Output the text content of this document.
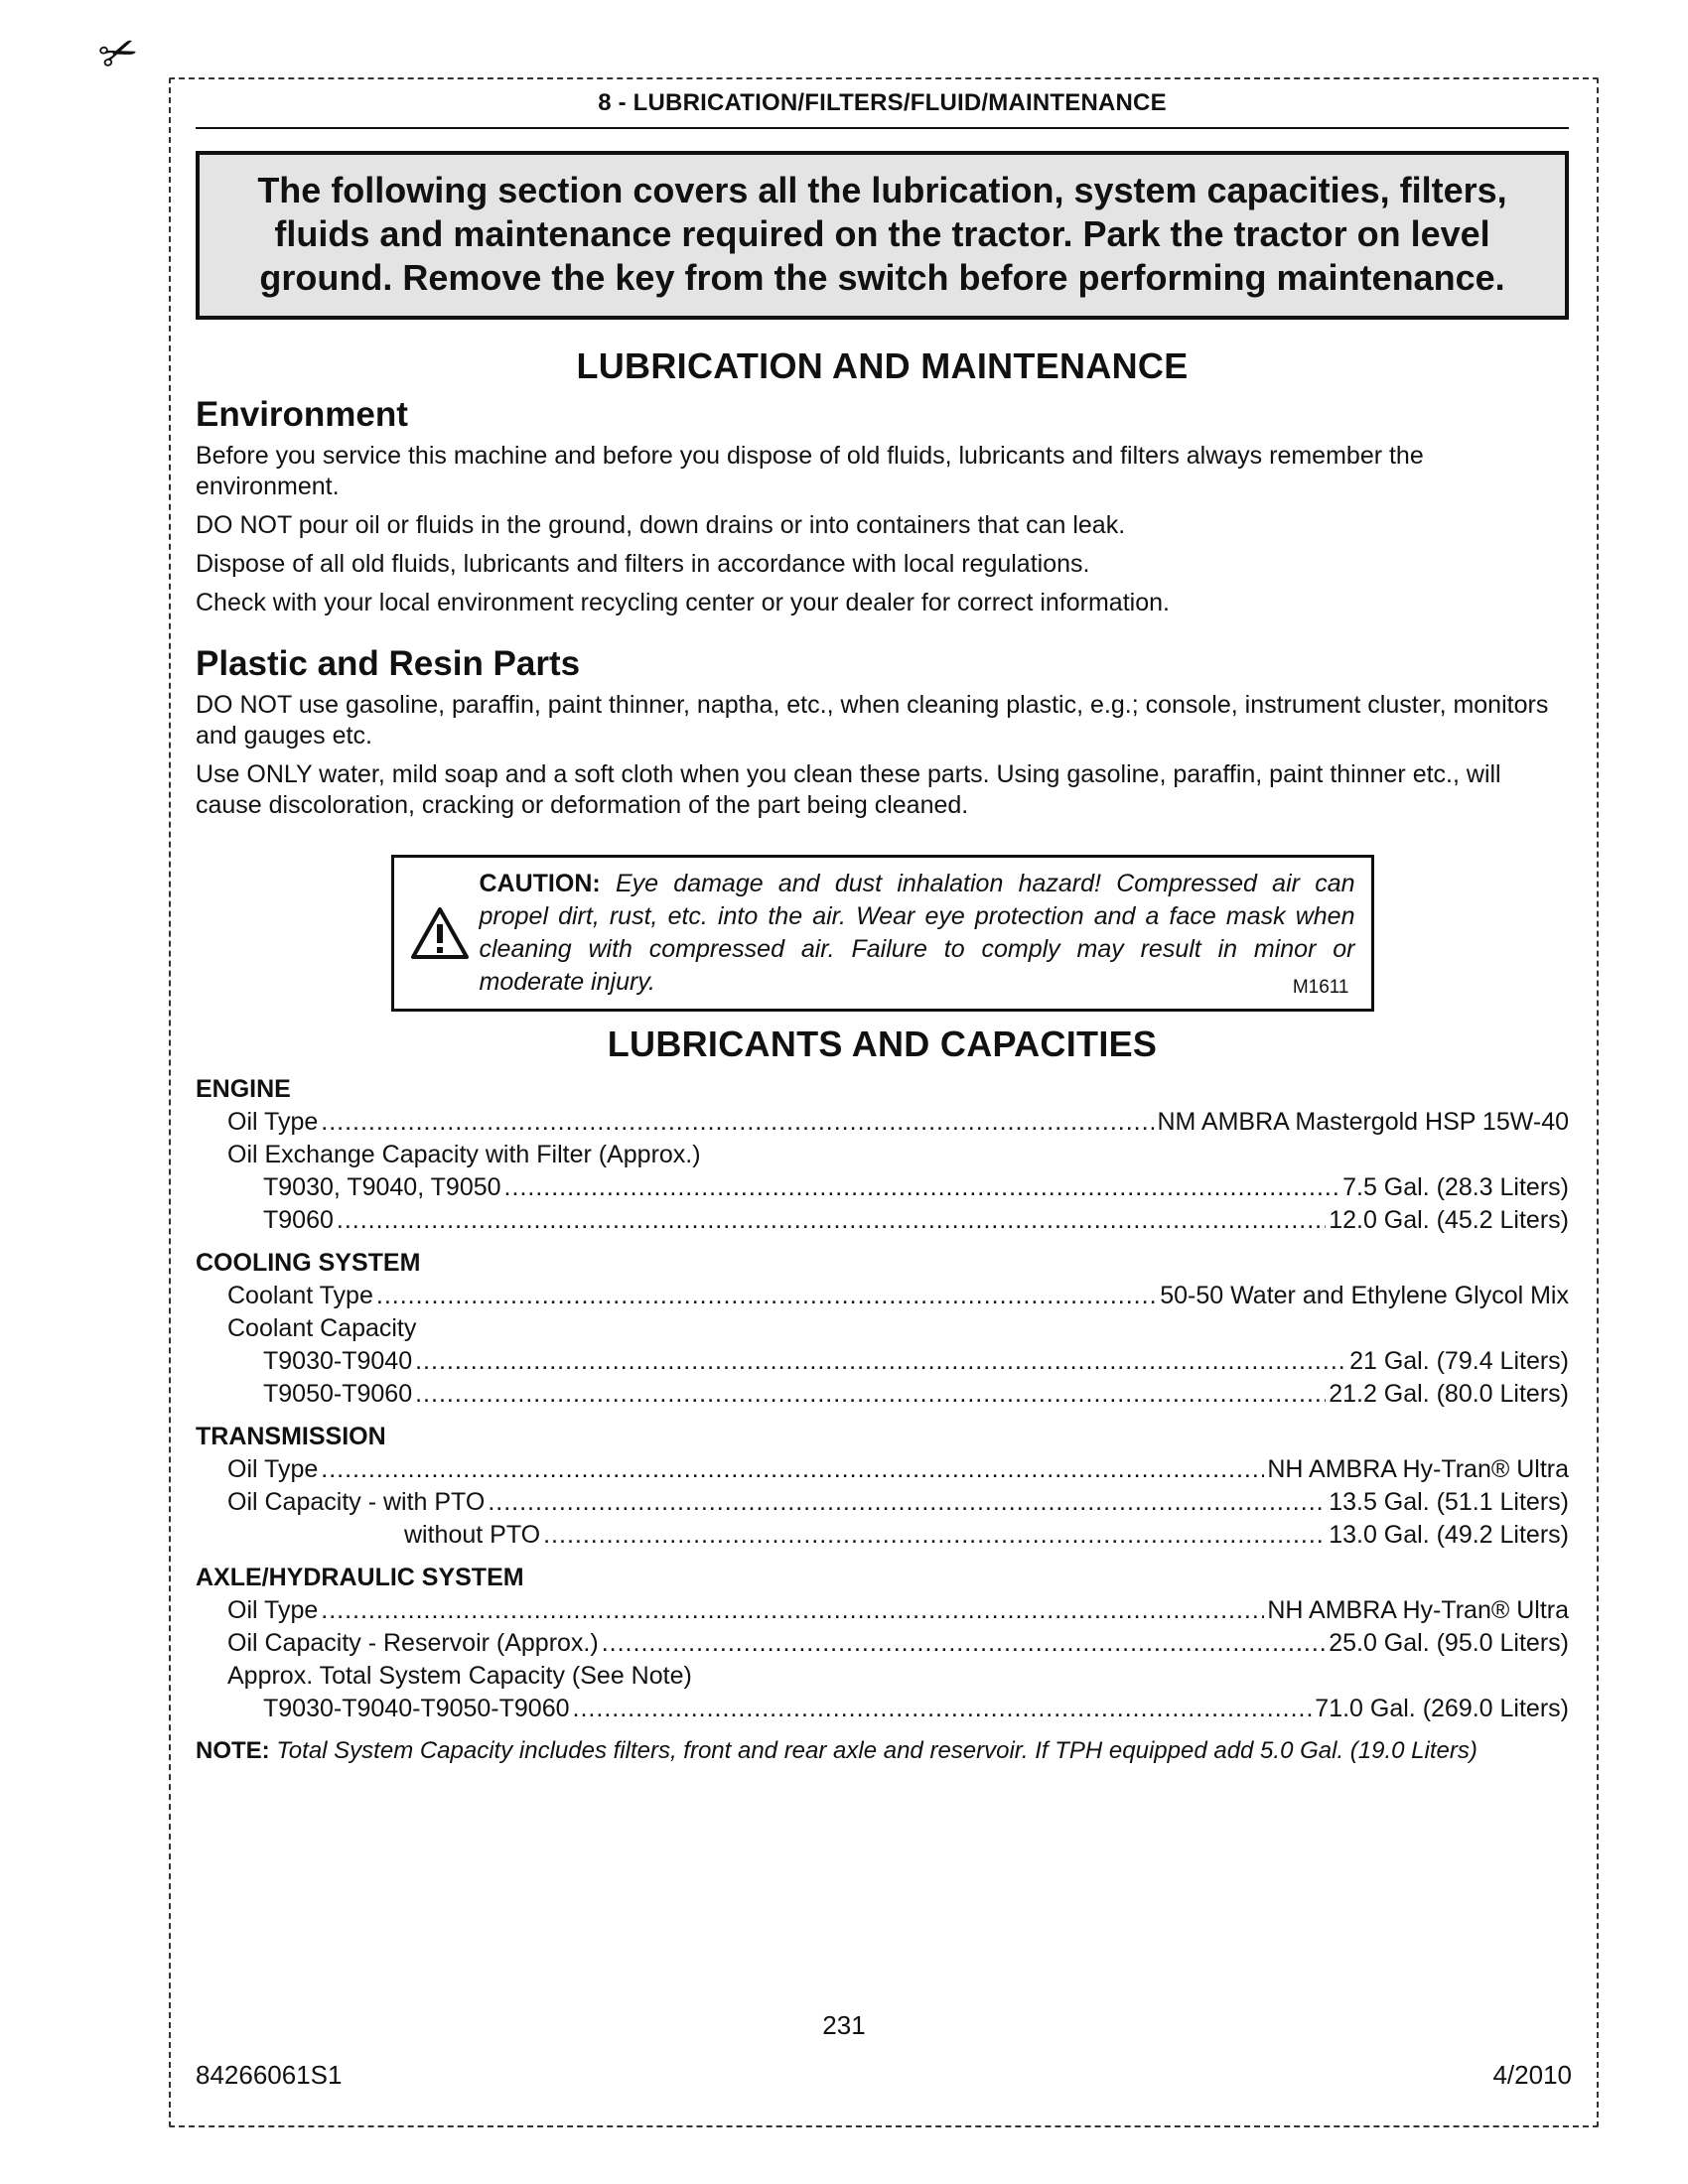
✂
8 - LUBRICATION/FILTERS/FLUID/MAINTENANCE
The following section covers all the lubrication, system capacities, filters, fluids and maintenance required on the tractor. Park the tractor on level ground. Remove the key from the switch before performing maintenance.
LUBRICATION AND MAINTENANCE
Environment

Before you service this machine and before you dispose of old fluids, lubricants and filters always remember the environment.

DO NOT pour oil or fluids in the ground, down drains or into containers that can leak.

Dispose of all old fluids, lubricants and filters in accordance with local regulations.

Check with your local environment recycling center or your dealer for correct information.

Plastic and Resin Parts

DO NOT use gasoline, paraffin, paint thinner, naptha, etc., when cleaning plastic, e.g.; console, instrument cluster, monitors and gauges etc.

Use ONLY water, mild soap and a soft cloth when you clean these parts. Using gasoline, paraffin, paint thinner etc., will cause discoloration, cracking or deformation of the part being cleaned.

CAUTION: Eye damage and dust inhalation hazard! Compressed air can propel dirt, rust, etc. into the air. Wear eye protection and a face mask when cleaning with compressed air. Failure to comply may result in minor or moderate injury.	M1611
LUBRICANTS AND CAPACITIES
ENGINE
Oil Type .....	NM AMBRA Mastergold HSP 15W-40
Oil Exchange Capacity with Filter (Approx.)
T9030, T9040, T9050 .....	7.5 Gal. (28.3 Liters)
T9060 .....	12.0 Gal. (45.2 Liters)
COOLING SYSTEM
Coolant Type .....	50-50 Water and Ethylene Glycol Mix
Coolant Capacity
T9030-T9040 .....	21 Gal. (79.4 Liters)
T9050-T9060 .....	21.2 Gal. (80.0 Liters)
TRANSMISSION
Oil Type .....	NH AMBRA Hy-Tran® Ultra
Oil Capacity - with PTO .....	13.5 Gal. (51.1 Liters)
without PTO .....	13.0 Gal. (49.2 Liters)
AXLE/HYDRAULIC SYSTEM
Oil Type .....	NH AMBRA Hy-Tran® Ultra
Oil Capacity - Reservoir (Approx.) .....	25.0 Gal. (95.0 Liters)
Approx. Total System Capacity (See Note)
T9030-T9040-T9050-T9060 .....	71.0 Gal. (269.0 Liters)
NOTE: Total System Capacity includes filters, front and rear axle and reservoir. If TPH equipped add 5.0 Gal. (19.0 Liters)
231
84266061S1	4/2010
